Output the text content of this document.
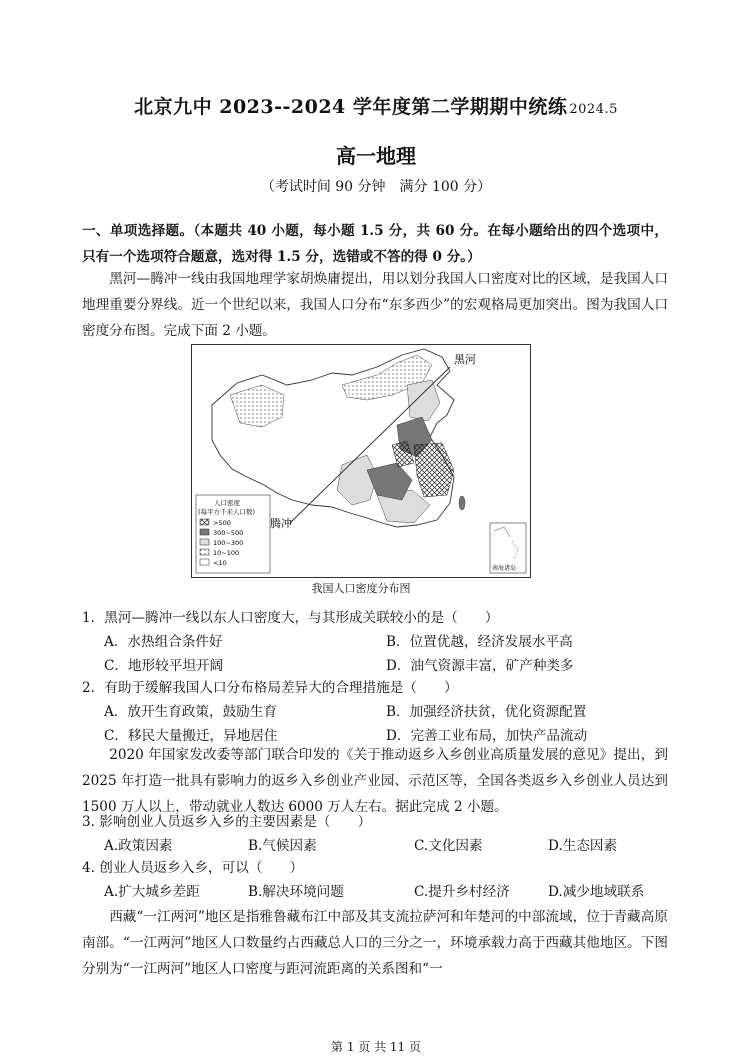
北京九中 2023--2024 学年度第二学期期中统练 2024.5
高一地理
（考试时间 90 分钟　满分 100 分）
一、单项选择题。（本题共 40 小题，每小题 1.5 分，共 60 分。在每小题给出的四个选项中，只有一个选项符合题意，选对得 1.5 分，选错或不答的得 0 分。）
黑河—腾冲一线由我国地理学家胡焕庸提出，用以划分我国人口密度对比的区域，是我国人口地理重要分界线。近一个世纪以来，我国人口分布“东多西少”的宏观格局更加突出。图为我国人口密度分布图。完成下面 2 小题。
黑河
腾冲
人口密度
(每平方千米人口数)
>500
300~500
100~300
10~100
<10
南海诸岛
我国人口密度分布图
1．黑河—腾冲一线以东人口密度大，与其形成关联较小的是（　　）
A．水热组合条件好	B．位置优越，经济发展水平高
C．地形较平坦开阔	D．油气资源丰富，矿产种类多
2．有助于缓解我国人口分布格局差异大的合理措施是（　　）
A．放开生育政策，鼓励生育	B．加强经济扶贫，优化资源配置
C．移民大量搬迁，异地居住	D．完善工业布局，加快产品流动
2020 年国家发改委等部门联合印发的《关于推动返乡入乡创业高质量发展的意见》提出，到 2025 年打造一批具有影响力的返乡入乡创业产业园、示范区等，全国各类返乡入乡创业人员达到 1500 万人以上，带动就业人数达 6000 万人左右。据此完成 2 小题。
3. 影响创业人员返乡入乡的主要因素是（　　）
A.政策因素	B.气候因素	C.文化因素	D.生态因素
4. 创业人员返乡入乡，可以（　　）
A.扩大城乡差距	B.解决环境问题	C.提升乡村经济	D.减少地域联系
西藏“一江两河”地区是指雅鲁藏布江中部及其支流拉萨河和年楚河的中部流域，位于青藏高原南部。“一江两河”地区人口数量约占西藏总人口的三分之一，环境承载力高于西藏其他地区。下图分别为“一江两河”地区人口密度与距河流距离的关系图和“一
第 1 页 共 11 页
